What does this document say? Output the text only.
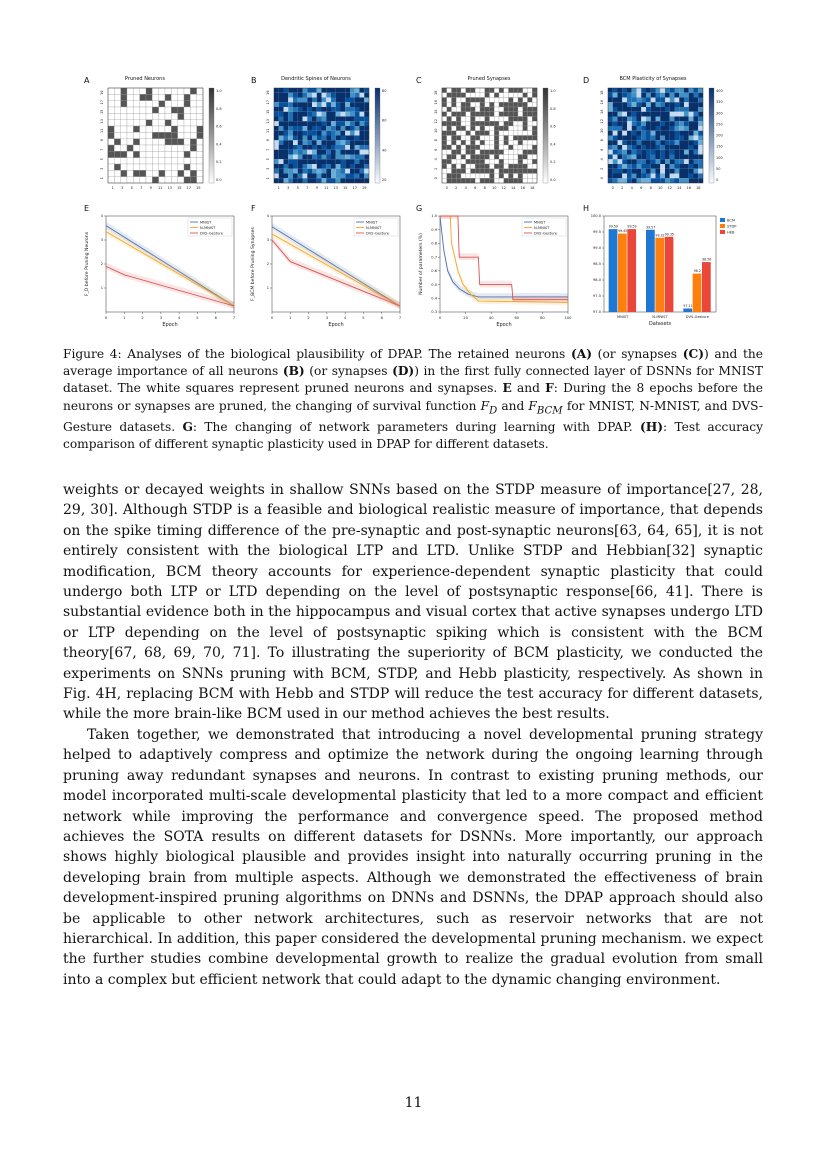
A	Pruned Neurons
1
1
3
3
5
5
7
7
9
9
11
11
13
13
15
15
17
17
19
19	1.0
0.8
0.6
0.4
0.2
0.0
B	Dendritic Spines of Neurons
1
1
3
3
5
5
7
7
9
9
11
11
13
13
15
15
17
17
19
19	80
60
40
20
C	Pruned Synapses
0
0
2
2
4
4
6
6
8
8
10
10
12
12
14
14
16
16
18
18	1.0
0.8
0.6
0.4
0.2
0.0
D	BCM Plasticity of Synapses
0
0
2
2
4
4
6
6
8
8
10
10
12
12
14
14
16
16
18
18	400
350
300
250
200
150
100
50
0
E
0	1	2	3	4	5	6	7
1
2
3
4
Epoch
F_D before Pruning Neurons
MNIST
N-MNIST
DVS-Gesture
F
0	1	2	3	4	5	6	7
1
2
3
4
Epoch
F_BCM before Pruning Synapses
MNIST
N-MNIST
DVS-Gesture
G
0	20	40	60	80	100
0.3
0.4
0.5
0.6
0.7
0.8
0.9
1.0
Epoch
Number of parameters (%)
MNIST
N-MNIST
DVS-Gesture
H
99.59
99.45
99.59
MNIST
99.57
99.32 99.35
N-MNIST
97.11
98.2
98.56
DVS-Gesture
97.0
97.5
98.0
98.5
99.0
99.5
100.0
Datasets
BCM
STDP
HEB
Figure 4: Analyses of the biological plausibility of DPAP. The retained neurons (A) (or synapses (C)) and the average importance of all neurons (B) (or synapses (D)) in the first fully connected layer of DSNNs for MNIST dataset. The white squares represent pruned neurons and synapses. E and F: During the 8 epochs before the neurons or synapses are pruned, the changing of survival function $F_D$ and $F_{BCM}$ for MNIST, N-MNIST, and DVS-Gesture datasets. G: The changing of network parameters during learning with DPAP. (H): Test accuracy comparison of different synaptic plasticity used in DPAP for different datasets.

weights or decayed weights in shallow SNNs based on the STDP measure of importance[27, 28, 29, 30]. Although STDP is a feasible and biological realistic measure of importance, that depends on the spike timing difference of the pre-synaptic and post-synaptic neurons[63, 64, 65], it is not entirely consistent with the biological LTP and LTD. Unlike STDP and Hebbian[32] synaptic modification, BCM theory accounts for experience-dependent synaptic plasticity that could undergo both LTP or LTD depending on the level of postsynaptic response[66, 41]. There is substantial evidence both in the hippocampus and visual cortex that active synapses undergo LTD or LTP depending on the level of postsynaptic spiking which is consistent with the BCM theory[67, 68, 69, 70, 71]. To illustrating the superiority of BCM plasticity, we conducted the experiments on SNNs pruning with BCM, STDP, and Hebb plasticity, respectively. As shown in Fig. 4H, replacing BCM with Hebb and STDP will reduce the test accuracy for different datasets, while the more brain-like BCM used in our method achieves the best results.

Taken together, we demonstrated that introducing a novel developmental pruning strategy helped to adaptively compress and optimize the network during the ongoing learning through pruning away redundant synapses and neurons. In contrast to existing pruning methods, our model incorporated multi-scale developmental plasticity that led to a more compact and efficient network while improving the performance and convergence speed. The proposed method achieves the SOTA results on different datasets for DSNNs. More importantly, our approach shows highly biological plausible and provides insight into naturally occurring pruning in the developing brain from multiple aspects. Although we demonstrated the effectiveness of brain development-inspired pruning algorithms on DNNs and DSNNs, the DPAP approach should also be applicable to other network architectures, such as reservoir networks that are not hierarchical. In addition, this paper considered the developmental pruning mechanism. we expect the further studies combine developmental growth to realize the gradual evolution from small into a complex but efficient network that could adapt to the dynamic changing environment.

11
